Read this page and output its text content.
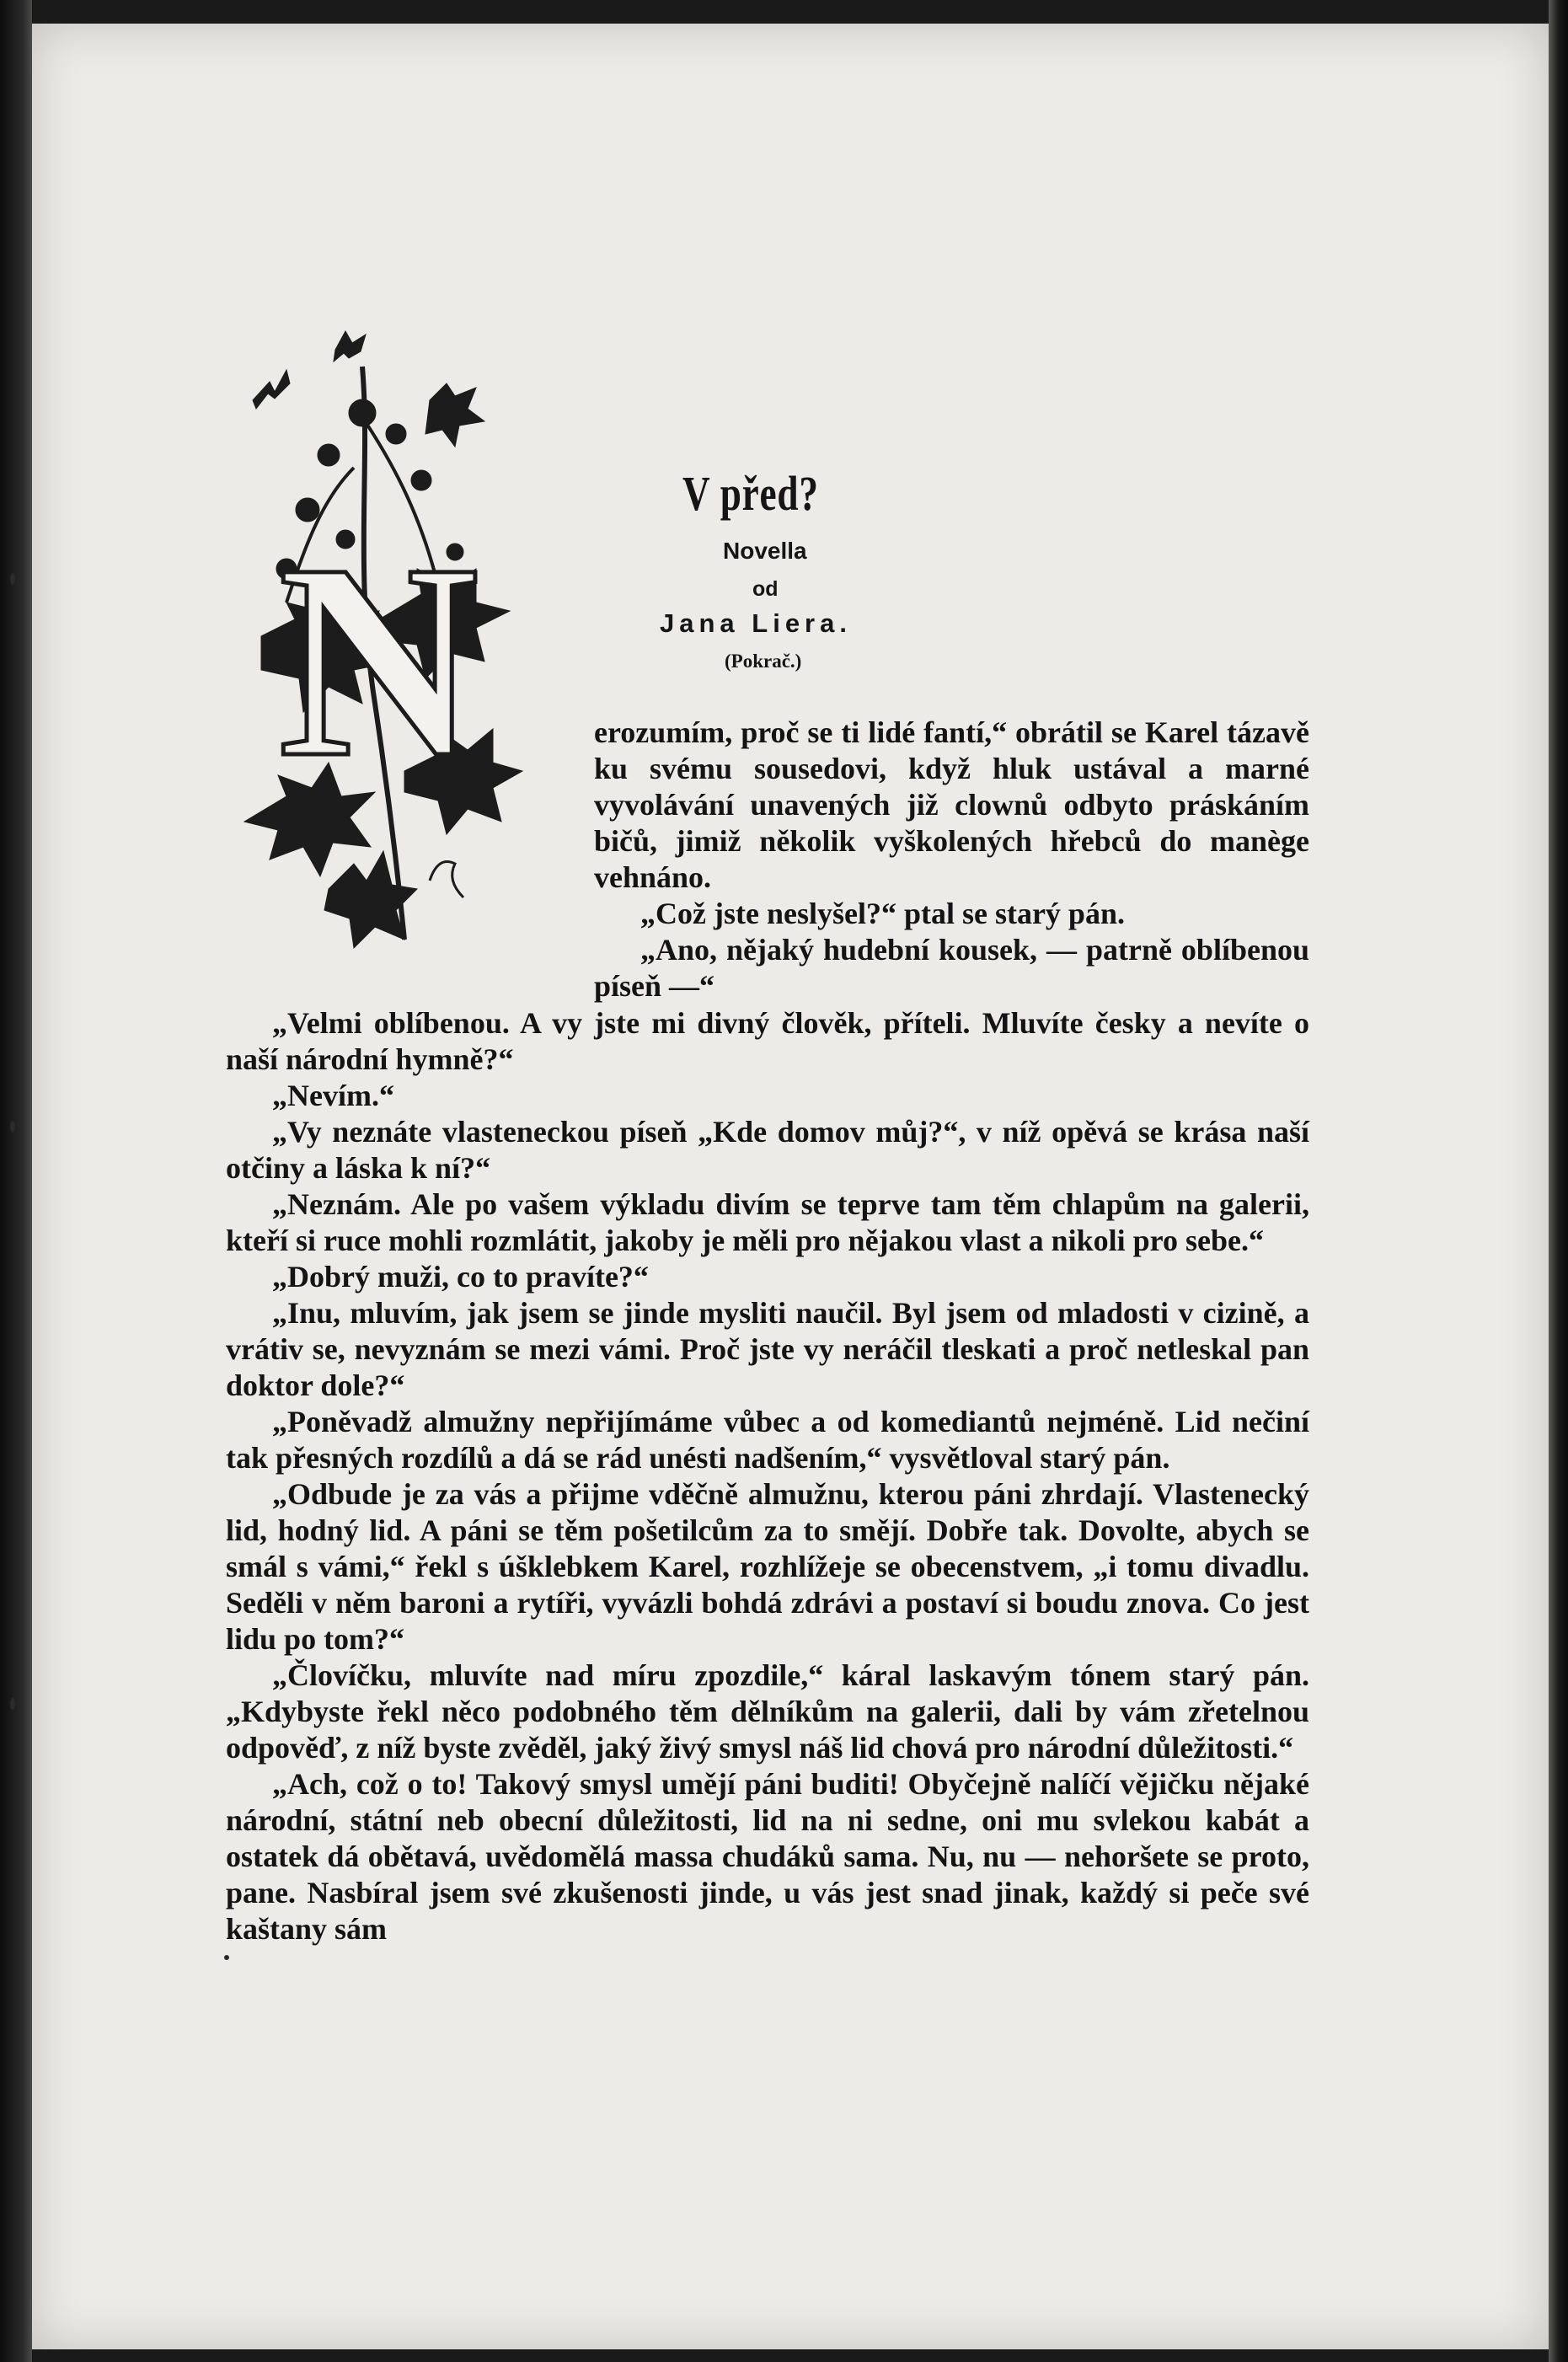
N
V před?
Novella
od
Jana Liera.
(Pokrač.)

erozumím, proč se ti lidé fantí,“ obrátil se Karel tázavě ku svému sousedovi, když hluk ustával a marné vyvolávání unavených již clownů odbyto práskáním bičů, jimiž několik vyškolených hřebců do manège vehnáno.

„Což jste neslyšel?“ ptal se starý pán.

„Ano, nějaký hudební kousek, — patrně oblíbenou píseň —“

„Velmi oblíbenou. A vy jste mi divný člověk, příteli. Mluvíte česky a nevíte o naší národní hymně?“

„Nevím.“

„Vy neznáte vlasteneckou píseň „Kde domov můj?“, v níž opěvá se krása naší otčiny a láska k ní?“

„Neznám. Ale po vašem výkladu divím se teprve tam těm chlapům na galerii, kteří si ruce mohli rozmlátit, jakoby je měli pro nějakou vlast a nikoli pro sebe.“

„Dobrý muži, co to pravíte?“

„Inu, mluvím, jak jsem se jinde mysliti naučil. Byl jsem od mladosti v cizině, a vrátiv se, nevyznám se mezi vámi. Proč jste vy neráčil tleskati a proč netleskal pan doktor dole?“

„Poněvadž almužny nepřijímáme vůbec a od komediantů nejméně. Lid nečiní tak přesných rozdílů a dá se rád unésti nadšením,“ vysvětloval starý pán.

„Odbude je za vás a přijme vděčně almužnu, kterou páni zhrdají. Vlastenecký lid, hodný lid. A páni se těm pošetilcům za to smějí. Dobře tak. Dovolte, abych se smál s vámi,“ řekl s úšklebkem Karel, rozhlížeje se obecenstvem, „i tomu divadlu. Seděli v něm baroni a rytíři, vyvázli bohdá zdrávi a postaví si boudu znova. Co jest lidu po tom?“

„Človíčku, mluvíte nad míru zpozdile,“ káral laskavým tónem starý pán. „Kdybyste řekl něco podobného těm dělníkům na galerii, dali by vám zřetelnou odpověď, z níž byste zvěděl, jaký živý smysl náš lid chová pro národní důležitosti.“

„Ach, což o to! Takový smysl umějí páni buditi! Obyčejně nalíčí vějičku nějaké národní, státní neb obecní důležitosti, lid na ni sedne, oni mu svlekou kabát a ostatek dá obětavá, uvědomělá massa chudáků sama. Nu, nu — nehoršete se proto, pane. Nasbíral jsem své zkušenosti jinde, u vás jest snad jinak, každý si peče své kaštany sám
